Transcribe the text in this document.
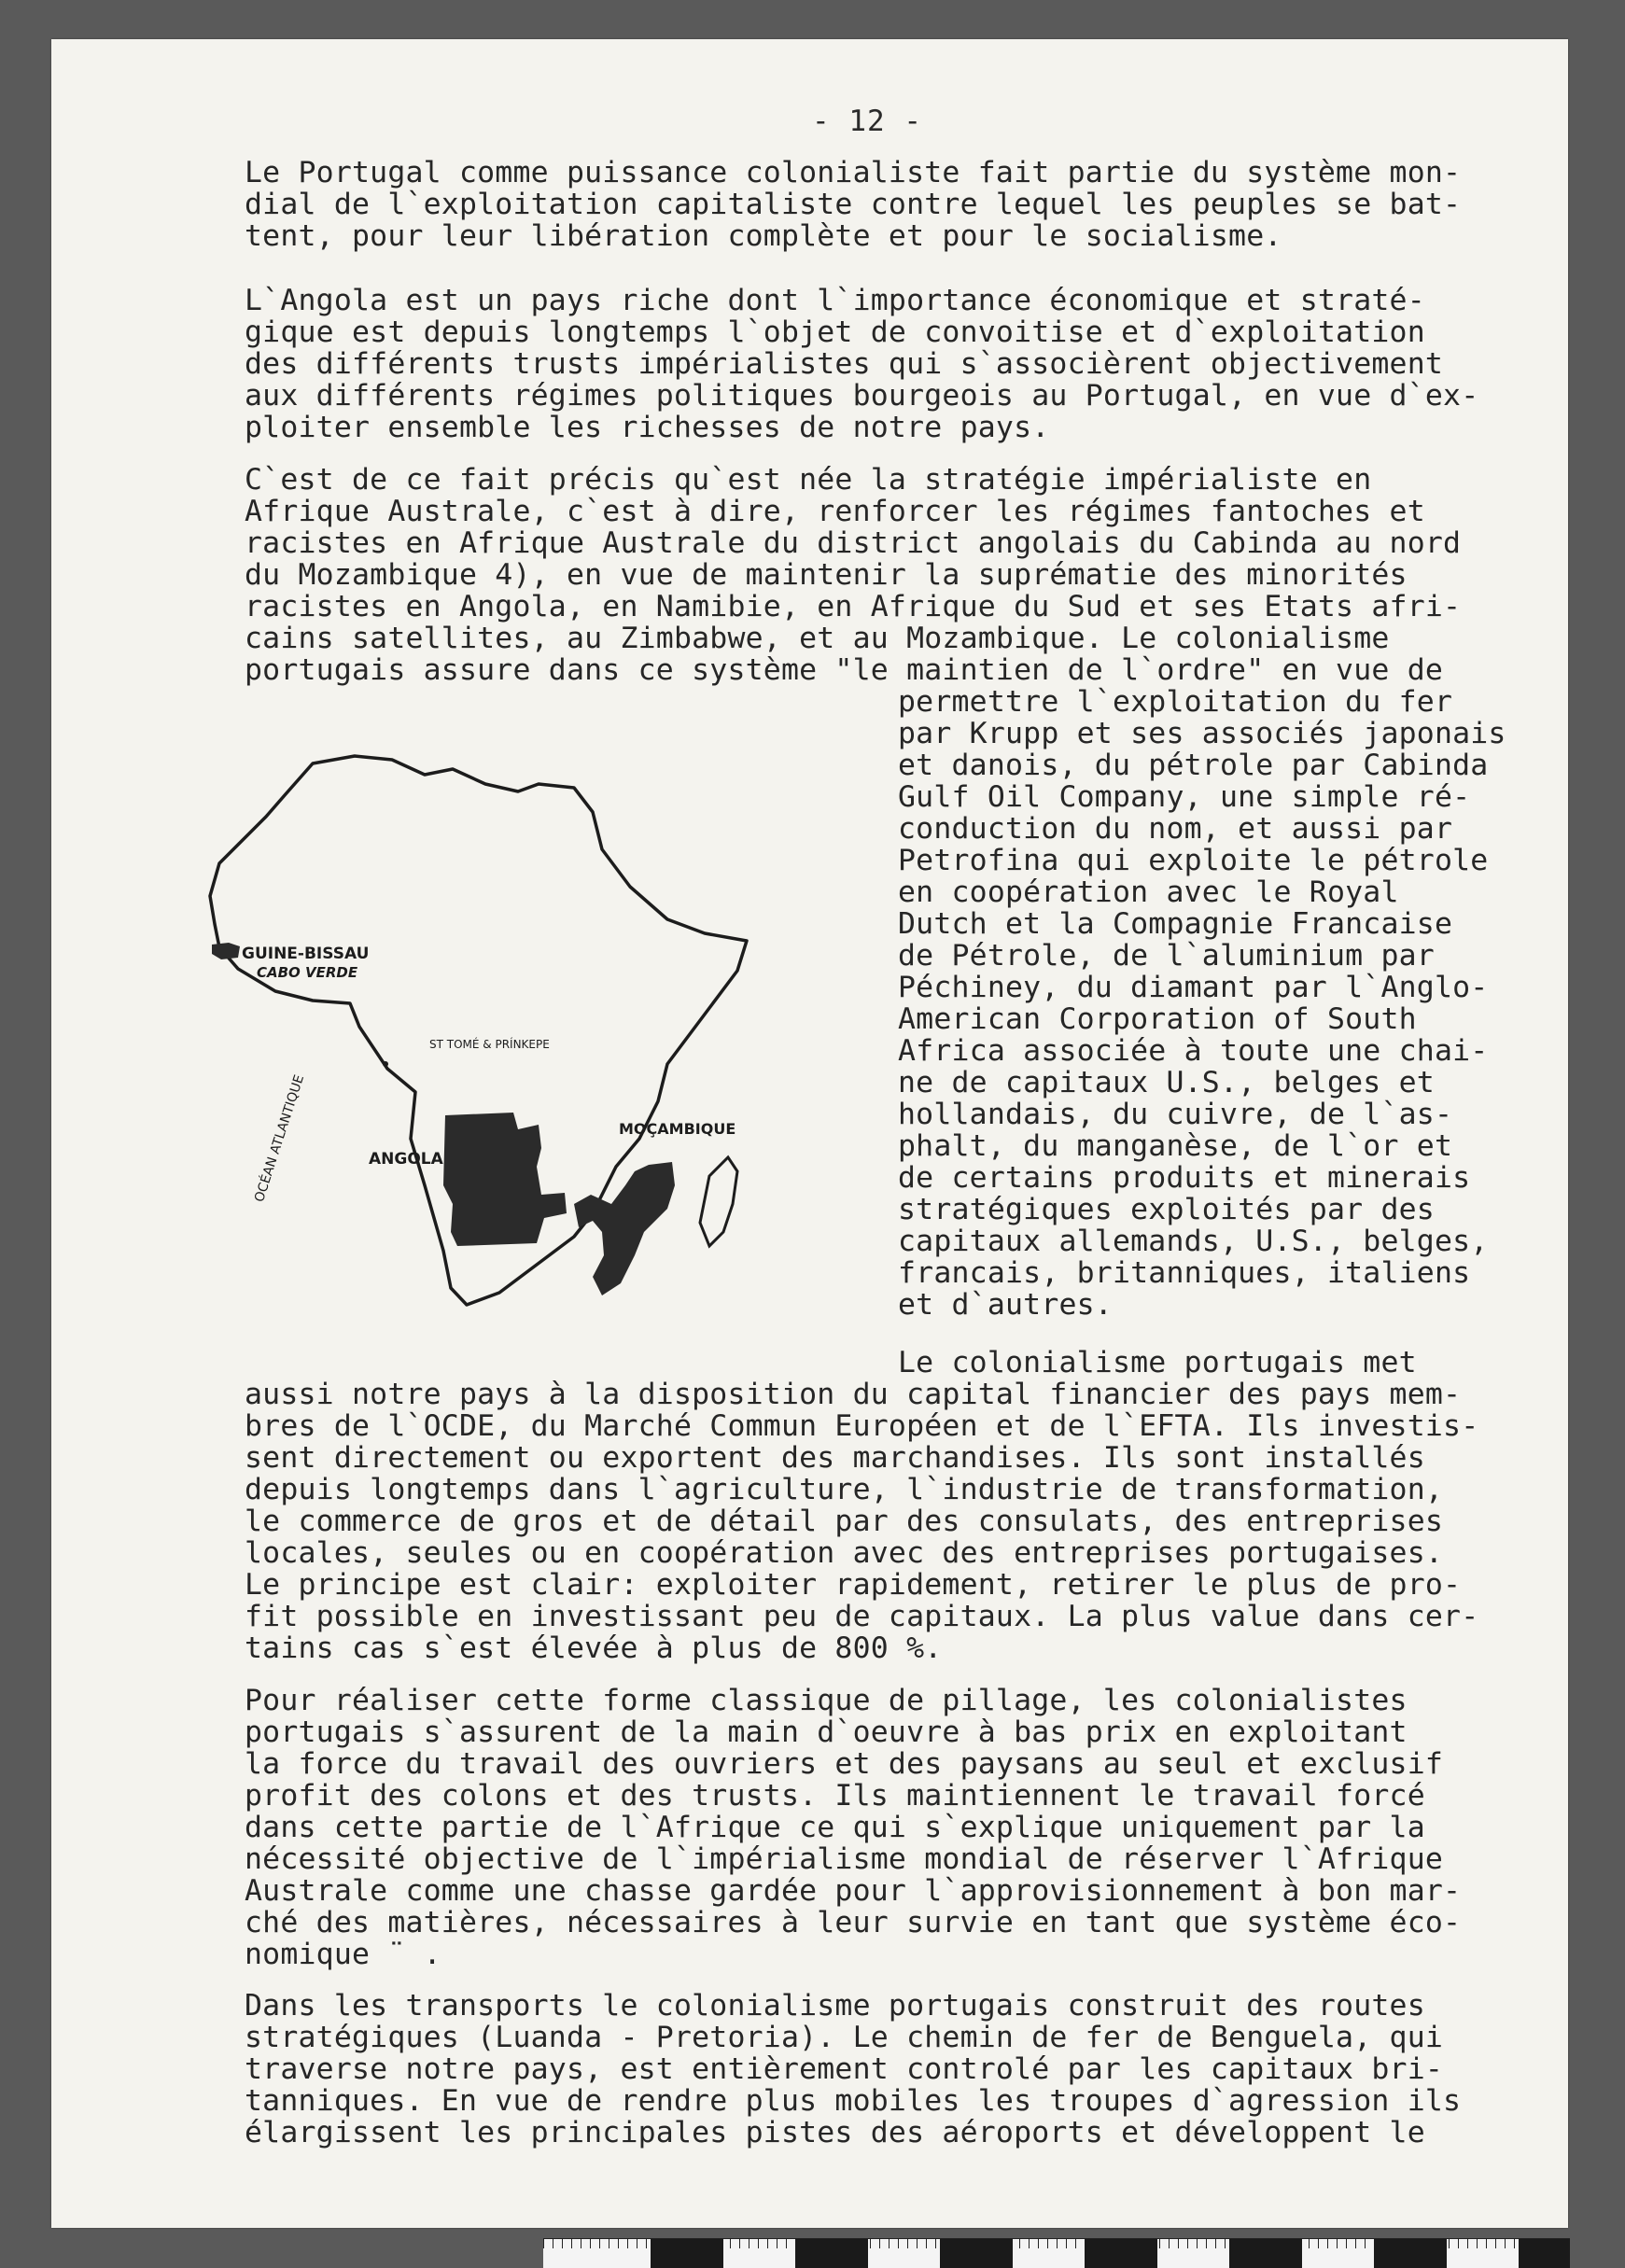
- 12 -
Le Portugal comme puissance colonialiste fait partie du système mon-
dial de l`exploitation capitaliste contre lequel les peuples se bat-
tent, pour leur libération complète et pour le socialisme.
L`Angola est un pays riche dont l`importance économique et straté-
gique est depuis longtemps l`objet de convoitise et d`exploitation
des différents trusts impérialistes qui s`associèrent objectivement
aux différents régimes politiques bourgeois au Portugal, en vue d`ex-
ploiter ensemble les richesses de notre pays.
C`est de ce fait précis qu`est née la stratégie impérialiste en
Afrique Australe, c`est à dire, renforcer les régimes fantoches et
racistes en Afrique Australe du district angolais du Cabinda au nord
du Mozambique 4), en vue de maintenir la suprématie des minorités
racistes en Angola, en Namibie, en Afrique du Sud et ses Etats afri-
cains satellites, au Zimbabwe, et au Mozambique. Le colonialisme
portugais assure dans ce système "le maintien de l`ordre" en vue de
permettre l`exploitation du fer
par Krupp et ses associés japonais
et danois, du pétrole par Cabinda
Gulf Oil Company, une simple ré-
conduction du nom, et aussi par
Petrofina qui exploite le pétrole
en coopération avec le Royal
Dutch et la Compagnie Francaise
de Pétrole, de l`aluminium par
Péchiney, du diamant par l`Anglo-
American Corporation of South
Africa associée à toute une chai-
ne de capitaux U.S., belges et
hollandais, du cuivre, de l`as-
phalt, du manganèse, de l`or et
de certains produits et minerais
stratégiques exploités par des
capitaux allemands, U.S., belges,
francais, britanniques, italiens
et d`autres.
Le colonialisme portugais met
aussi notre pays à la disposition du capital financier des pays mem-
bres de l`OCDE, du Marché Commun Européen et de l`EFTA. Ils investis-
sent directement ou exportent des marchandises. Ils sont installés
depuis longtemps dans l`agriculture, l`industrie de transformation,
le commerce de gros et de détail par des consulats, des entreprises
locales, seules ou en coopération avec des entreprises portugaises.
Le principe est clair: exploiter rapidement, retirer le plus de pro-
fit possible en investissant peu de capitaux. La plus value dans cer-
tains cas s`est élevée à plus de 800 %.
Pour réaliser cette forme classique de pillage, les colonialistes
portugais s`assurent de la main d`oeuvre à bas prix en exploitant
la force du travail des ouvriers et des paysans au seul et exclusif
profit des colons et des trusts. Ils maintiennent le travail forcé
dans cette partie de l`Afrique ce qui s`explique uniquement par la
nécessité objective de l`impérialisme mondial de réserver l`Afrique
Australe comme une chasse gardée pour l`approvisionnement à bon mar-
ché des matières, nécessaires à leur survie en tant que système éco-
nomique ¨ .
Dans les transports le colonialisme portugais construit des routes
stratégiques (Luanda - Pretoria). Le chemin de fer de Benguela, qui
traverse notre pays, est entièrement controlé par les capitaux bri-
tanniques. En vue de rendre plus mobiles les troupes d`agression ils
élargissent les principales pistes des aéroports et développent le
GUINE-BISSAU
CABO VERDE
ST TOMÉ & PRÍNKEPE
ANGOLA
MOÇAMBIQUE
OCÉAN ATLANTIQUE
